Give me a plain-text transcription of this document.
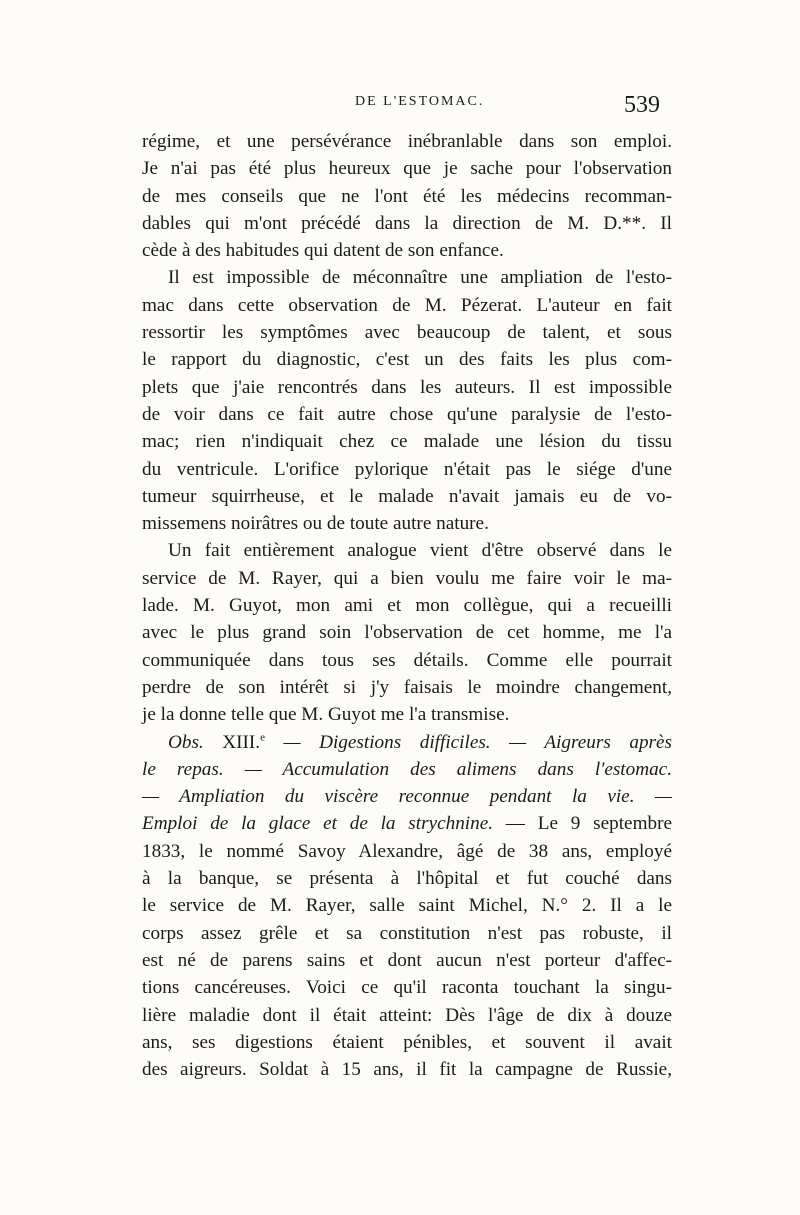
DE L'ESTOMAC.	539
régime, et une persévérance inébranlable dans son emploi.
Je n'ai pas été plus heureux que je sache pour l'observation
de mes conseils que ne l'ont été les médecins recomman-
dables qui m'ont précédé dans la direction de M. D.**. Il
cède à des habitudes qui datent de son enfance.
Il est impossible de méconnaître une ampliation de l'esto-
mac dans cette observation de M. Pézerat. L'auteur en fait
ressortir les symptômes avec beaucoup de talent, et sous
le rapport du diagnostic, c'est un des faits les plus com-
plets que j'aie rencontrés dans les auteurs. Il est impossible
de voir dans ce fait autre chose qu'une paralysie de l'esto-
mac; rien n'indiquait chez ce malade une lésion du tissu
du ventricule. L'orifice pylorique n'était pas le siége d'une
tumeur squirrheuse, et le malade n'avait jamais eu de vo-
missemens noirâtres ou de toute autre nature.
Un fait entièrement analogue vient d'être observé dans le
service de M. Rayer, qui a bien voulu me faire voir le ma-
lade. M. Guyot, mon ami et mon collègue, qui a recueilli
avec le plus grand soin l'observation de cet homme, me l'a
communiquée dans tous ses détails. Comme elle pourrait
perdre de son intérêt si j'y faisais le moindre changement,
je la donne telle que M. Guyot me l'a transmise.
Obs. XIII.$^e$ — Digestions difficiles. — Aigreurs après
le repas. — Accumulation des alimens dans l'estomac.
— Ampliation du viscère reconnue pendant la vie. —
Emploi de la glace et de la strychnine. — Le 9 septembre
1833, le nommé Savoy Alexandre, âgé de 38 ans, employé
à la banque, se présenta à l'hôpital et fut couché dans
le service de M. Rayer, salle saint Michel, N.° 2. Il a le
corps assez grêle et sa constitution n'est pas robuste, il
est né de parens sains et dont aucun n'est porteur d'affec-
tions cancéreuses. Voici ce qu'il raconta touchant la singu-
lière maladie dont il était atteint: Dès l'âge de dix à douze
ans, ses digestions étaient pénibles, et souvent il avait
des aigreurs. Soldat à 15 ans, il fit la campagne de Russie,
